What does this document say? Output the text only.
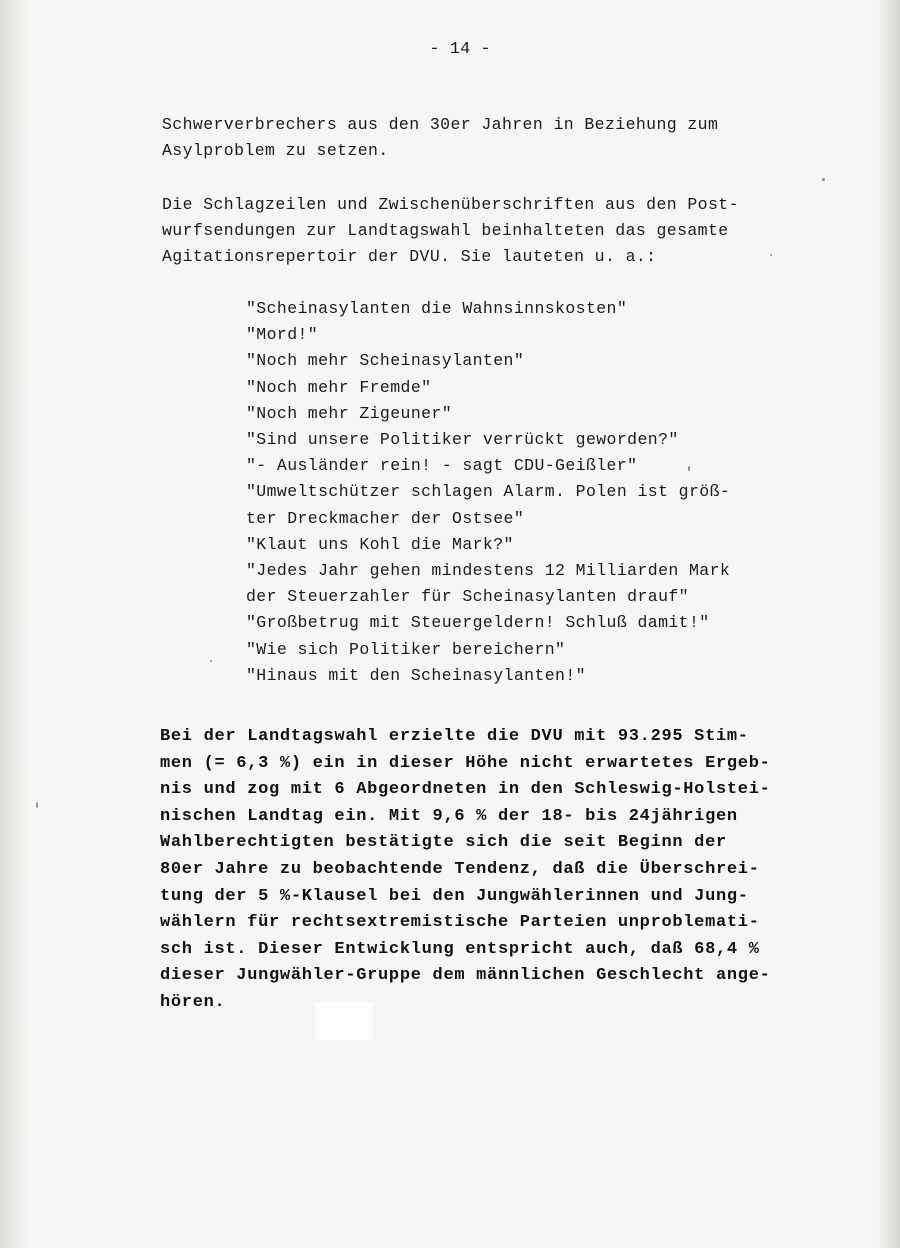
- 14 -

Schwerverbrechers aus den 30er Jahren in Beziehung zum
Asylproblem zu setzen.

Die Schlagzeilen und Zwischenüberschriften aus den Post-
wurfsendungen zur Landtagswahl beinhalteten das gesamte
Agitationsrepertoir der DVU. Sie lauteten u. a.:

"Scheinasylanten die Wahnsinnskosten"
"Mord!"
"Noch mehr Scheinasylanten"
"Noch mehr Fremde"
"Noch mehr Zigeuner"
"Sind unsere Politiker verrückt geworden?"
"- Ausländer rein! - sagt CDU-Geißler"
"Umweltschützer schlagen Alarm. Polen ist größ-
ter Dreckmacher der Ostsee"
"Klaut uns Kohl die Mark?"
"Jedes Jahr gehen mindestens 12 Milliarden Mark
der Steuerzahler für Scheinasylanten drauf"
"Großbetrug mit Steuergeldern! Schluß damit!"
"Wie sich Politiker bereichern"
"Hinaus mit den Scheinasylanten!"

Bei der Landtagswahl erzielte die DVU mit 93.295 Stim-
men (= 6,3 %) ein in dieser Höhe nicht erwartetes Ergeb-
nis und zog mit 6 Abgeordneten in den Schleswig-Holstei-
nischen Landtag ein. Mit 9,6 % der 18- bis 24jährigen
Wahlberechtigten bestätigte sich die seit Beginn der
80er Jahre zu beobachtende Tendenz, daß die Überschrei-
tung der 5 %-Klausel bei den Jungwählerinnen und Jung-
wählern für rechtsextremistische Parteien unproblemati-
sch ist. Dieser Entwicklung entspricht auch, daß 68,4 %
dieser Jungwähler-Gruppe dem männlichen Geschlecht ange-
hören.
